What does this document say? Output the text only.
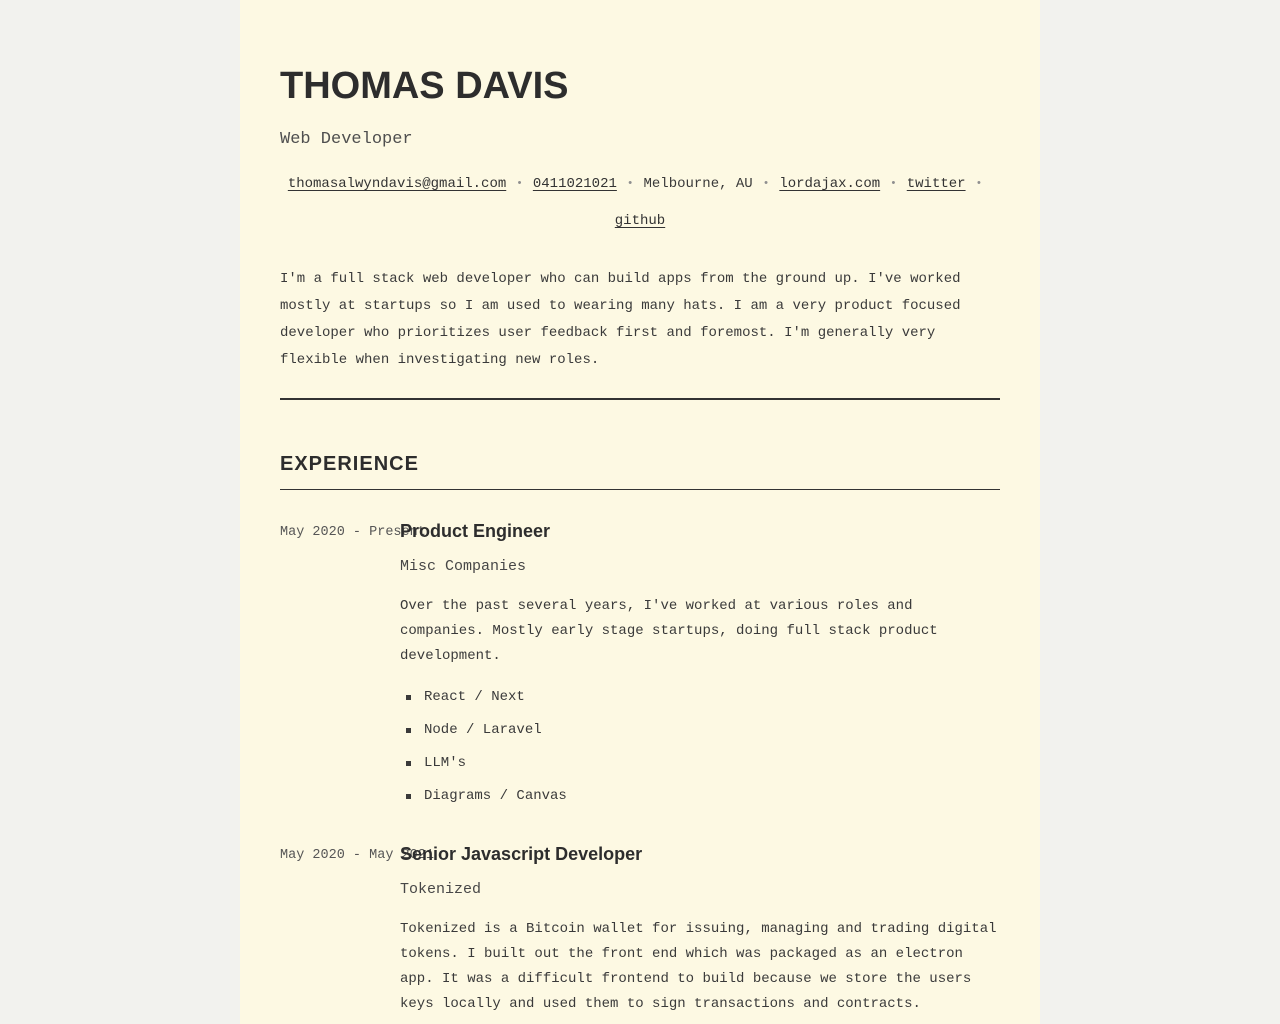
THOMAS DAVIS
Web Developer
thomasalwyndavis@gmail.com • 0411021021 • Melbourne, AU • lordajax.com • twitter •github

I'm a full stack web developer who can build apps from the ground up. I've worked mostly at startups so I am used to wearing many hats. I am a very product focused developer who prioritizes user feedback first and foremost. I'm generally very flexible when investigating new roles.

EXPERIENCE
May 2020 - Present
Product Engineer
Misc Companies

Over the past several years, I've worked at various roles and companies. Mostly early stage startups, doing full stack product development.

React / Next
Node / Laravel
LLM's
Diagrams / Canvas
May 2020 - May 2021
Senior Javascript Developer
Tokenized

Tokenized is a Bitcoin wallet for issuing, managing and trading digital tokens. I built out the front end which was packaged as an electron app. It was a difficult frontend to build because we store the users keys locally and used them to sign transactions and contracts.
